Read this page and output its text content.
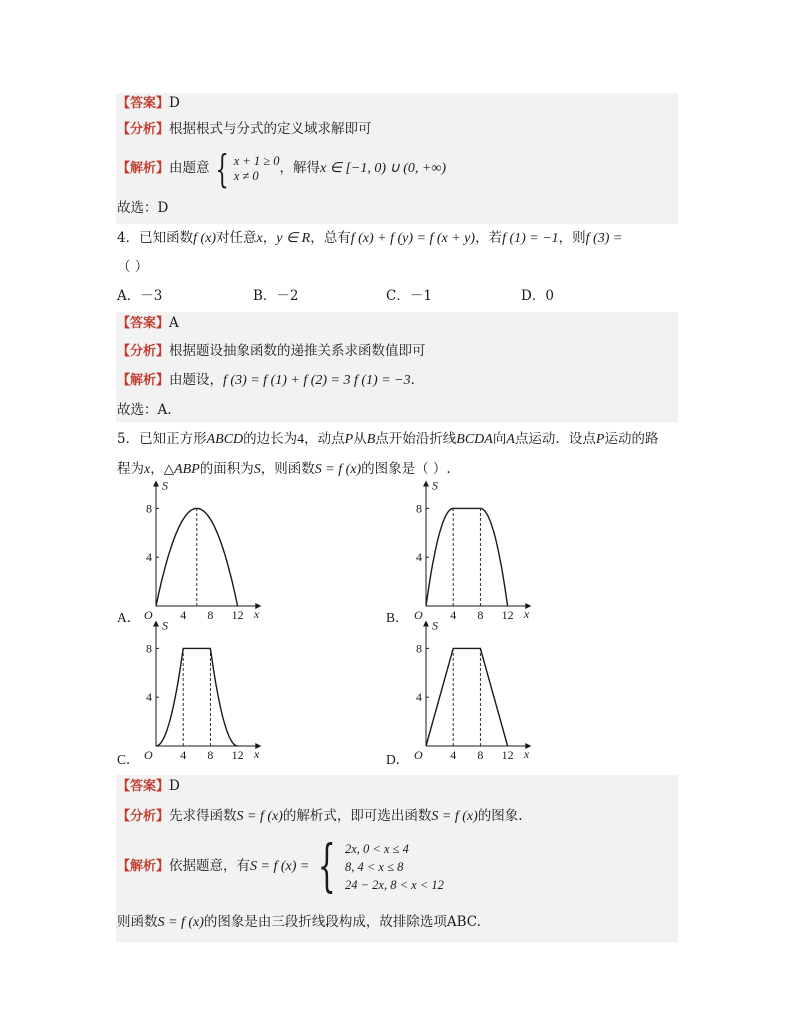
【答案】D
【分析】根据根式与分式的定义域求解即可
【解析】由题意 { x + 1 ≥ 0
x ≠ 0	，解得x ∈ [−1, 0) ∪ (0, +∞)
故选：D
4．已知函数f (x)对任意x，y ∈ R，总有f (x) + f (y) = f (x + y)，若f (1) = −1，则f (3) =
（ ）
A．－3	B．－2	C．－1	D．0
【答案】A
【分析】根据题设抽象函数的递推关系求函数值即可
【解析】由题设，f (3) = f (1) + f (2) = 3 f (1) = −3．
故选：A.
5．已知正方形ABCD的边长为4，动点P从B点开始沿折线BCDA向A点运动．设点P运动的路
程为x，△ABP的面积为S，则函数S = f (x)的图象是（ ）.
S
x
O
4
8
4 8 12
S
x
O
4
8
4 8 12
S
x
O
4
8
4 8 12
S
x
O
4
8
4 8 12
A．	B．
C．	D．
【答案】D
【分析】先求得函数S = f (x)的解析式，即可选出函数S = f (x)的图象.
【解析】依据题意，有S = f (x) = { 2x, 0 < x ≤ 4
8, 4 < x ≤ 8
24 − 2x, 8 < x < 12
则函数S = f (x)的图象是由三段折线段构成，故排除选项ABC.
